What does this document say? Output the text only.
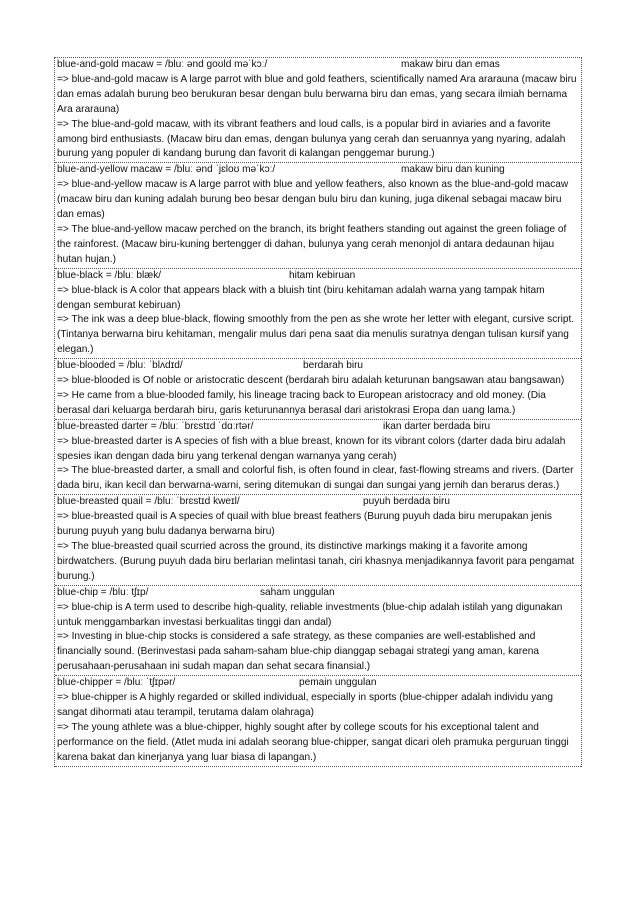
blue-and-gold macaw = /bluː ənd goʊld məˈkɔː/	makaw biru dan emas

=> blue-and-gold macaw is A large parrot with blue and gold feathers, scientifically named Ara ararauna (macaw biru dan emas adalah burung beo berukuran besar dengan bulu berwarna biru dan emas, yang secara ilmiah bernama Ara ararauna)

=> The blue-and-gold macaw, with its vibrant feathers and loud calls, is a popular bird in aviaries and a favorite among bird enthusiasts. (Macaw biru dan emas, dengan bulunya yang cerah dan seruannya yang nyaring, adalah burung yang populer di kandang burung dan favorit di kalangan penggemar burung.)

blue-and-yellow macaw = /bluː ənd ˈjɛloʊ məˈkɔː/	makaw biru dan kuning

=> blue-and-yellow macaw is A large parrot with blue and yellow feathers, also known as the blue-and-gold macaw (macaw biru dan kuning adalah burung beo besar dengan bulu biru dan kuning, juga dikenal sebagai macaw biru dan emas)

=> The blue-and-yellow macaw perched on the branch, its bright feathers standing out against the green foliage of the rainforest. (Macaw biru-kuning bertengger di dahan, bulunya yang cerah menonjol di antara dedaunan hijau hutan hujan.)

blue-black = /bluː blæk/	hitam kebiruan

=> blue-black is A color that appears black with a bluish tint (biru kehitaman adalah warna yang tampak hitam dengan semburat kebiruan)

=> The ink was a deep blue-black, flowing smoothly from the pen as she wrote her letter with elegant, cursive script. (Tintanya berwarna biru kehitaman, mengalir mulus dari pena saat dia menulis suratnya dengan tulisan kursif yang elegan.)

blue-blooded = /bluː ˈblʌdɪd/	berdarah biru

=> blue-blooded is Of noble or aristocratic descent (berdarah biru adalah keturunan bangsawan atau bangsawan)

=> He came from a blue-blooded family, his lineage tracing back to European aristocracy and old money. (Dia berasal dari keluarga berdarah biru, garis keturunannya berasal dari aristokrasi Eropa dan uang lama.)

blue-breasted darter = /bluː ˈbrɛstɪd ˈdɑːrtər/	ikan darter berdada biru

=> blue-breasted darter is A species of fish with a blue breast, known for its vibrant colors (darter dada biru adalah spesies ikan dengan dada biru yang terkenal dengan warnanya yang cerah)

=> The blue-breasted darter, a small and colorful fish, is often found in clear, fast-flowing streams and rivers. (Darter dada biru, ikan kecil dan berwarna-warni, sering ditemukan di sungai dan sungai yang jernih dan berarus deras.)

blue-breasted quail = /bluː ˈbrɛstɪd kweɪl/	puyuh berdada biru

=> blue-breasted quail is A species of quail with blue breast feathers (Burung puyuh dada biru merupakan jenis burung puyuh yang bulu dadanya berwarna biru)

=> The blue-breasted quail scurried across the ground, its distinctive markings making it a favorite among birdwatchers. (Burung puyuh dada biru berlarian melintasi tanah, ciri khasnya menjadikannya favorit para pengamat burung.)

blue-chip = /bluː tʃɪp/	saham unggulan

=> blue-chip is A term used to describe high-quality, reliable investments (blue-chip adalah istilah yang digunakan untuk menggambarkan investasi berkualitas tinggi dan andal)

=> Investing in blue-chip stocks is considered a safe strategy, as these companies are well-established and financially sound. (Berinvestasi pada saham-saham blue-chip dianggap sebagai strategi yang aman, karena perusahaan-perusahaan ini sudah mapan dan sehat secara finansial.)

blue-chipper = /bluː ˈtʃɪpər/	pemain unggulan

=> blue-chipper is A highly regarded or skilled individual, especially in sports (blue-chipper adalah individu yang sangat dihormati atau terampil, terutama dalam olahraga)

=> The young athlete was a blue-chipper, highly sought after by college scouts for his exceptional talent and performance on the field. (Atlet muda ini adalah seorang blue-chipper, sangat dicari oleh pramuka perguruan tinggi karena bakat dan kinerjanya yang luar biasa di lapangan.)
